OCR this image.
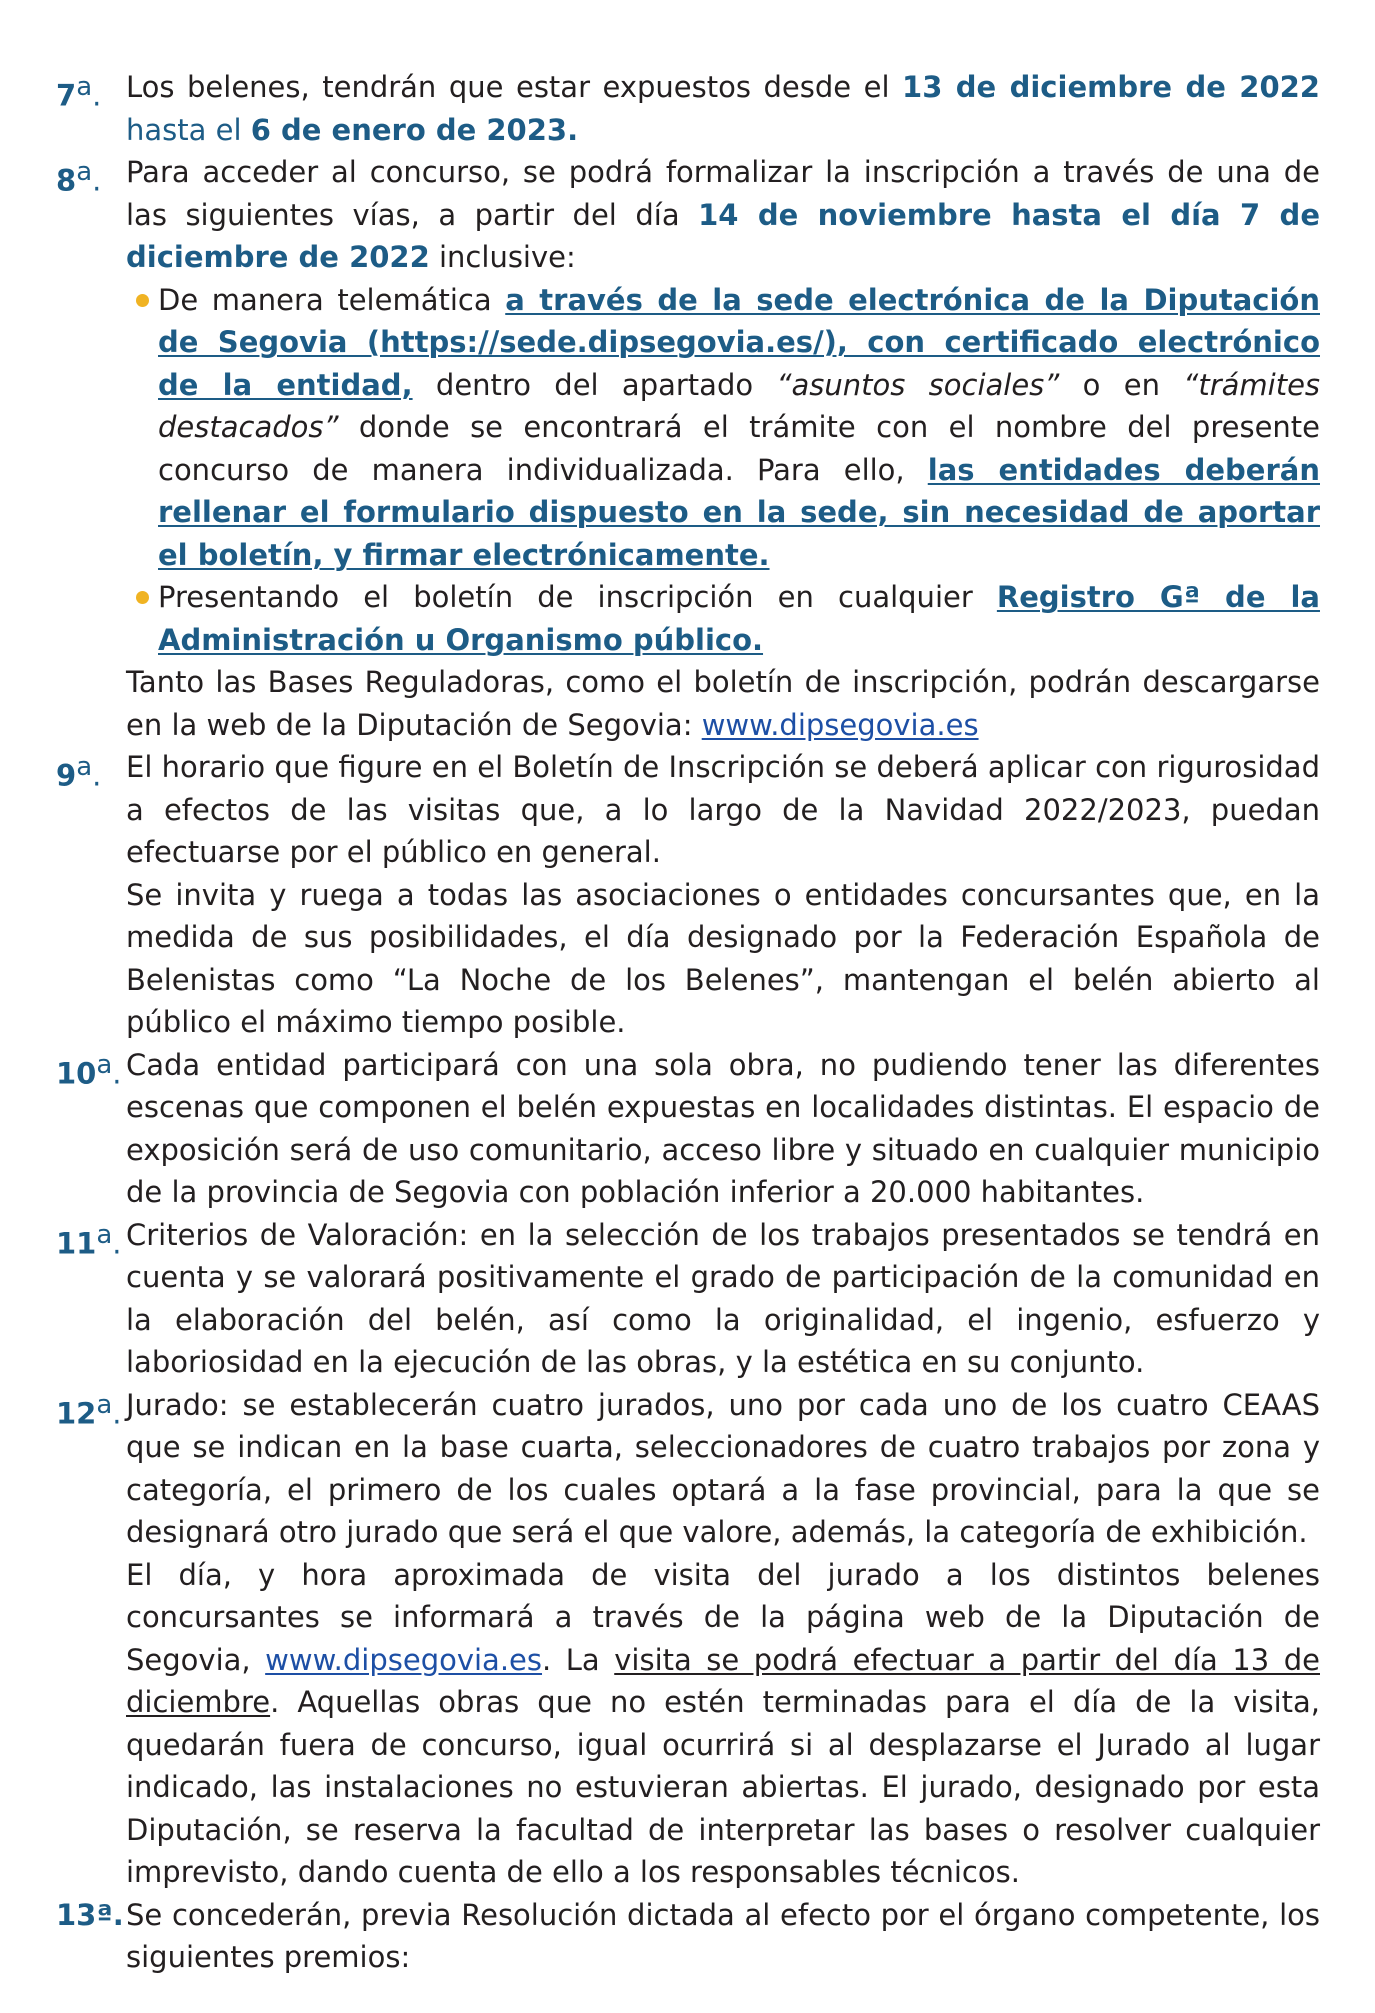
7$^a$. Los belenes, tendrán que estar expuestos desde el 13 de diciembre de 2022 hasta el 6 de enero de 2023.

8$^a$. Para acceder al concurso, se podrá formalizar la inscripción a través de una de las siguientes vías, a partir del día 14 de noviembre hasta el día 7 de diciembre de 2022 inclusive:

De manera telemática a través de la sede electrónica de la Diputación de Segovia (https://sede.dipsegovia.es/), con certificado electrónico de la entidad, dentro del apartado “asuntos sociales” o en “trámites destacados” donde se encontrará el trámite con el nombre del presente concurso de manera individualizada. Para ello, las entidades deberán rellenar el formulario dispuesto en la sede, sin necesidad de aportar el boletín, y firmar electrónicamente.
Presentando el boletín de inscripción en cualquier Registro Gª de la Administración u Organismo público.

Tanto las Bases Reguladoras, como el boletín de inscripción, podrán descargarse en la web de la Diputación de Segovia: www.dipsegovia.es

9$^a$. El horario que figure en el Boletín de Inscripción se deberá aplicar con rigurosidad a efectos de las visitas que, a lo largo de la Navidad 2022/2023, puedan efectuarse por el público en general.

Se invita y ruega a todas las asociaciones o entidades concursantes que, en la medida de sus posibilidades, el día designado por la Federación Española de Belenistas como “La Noche de los Belenes”, mantengan el belén abierto al público el máximo tiempo posible.

10$^a$. Cada entidad participará con una sola obra, no pudiendo tener las diferentes escenas que componen el belén expuestas en localidades distintas. El espacio de exposición será de uso comunitario, acceso libre y situado en cualquier municipio de la provincia de Segovia con población inferior a 20.000 habitantes.

11$^a$. Criterios de Valoración: en la selección de los trabajos presentados se tendrá en cuenta y se valorará positivamente el grado de participación de la comunidad en la elaboración del belén, así como la originalidad, el ingenio, esfuerzo y laboriosidad en la ejecución de las obras, y la estética en su conjunto.

12$^a$. Jurado: se establecerán cuatro jurados, uno por cada uno de los cuatro CEAAS que se indican en la base cuarta, seleccionadores de cuatro trabajos por zona y categoría, el primero de los cuales optará a la fase provincial, para la que se designará otro jurado que será el que valore, además, la categoría de exhibición.

El día, y hora aproximada de visita del jurado a los distintos belenes concursantes se informará a través de la página web de la Diputación de Segovia, www.dipsegovia.es. La visita se podrá efectuar a partir del día 13 de diciembre. Aquellas obras que no estén terminadas para el día de la visita, quedarán fuera de concurso, igual ocurrirá si al desplazarse el Jurado al lugar indicado, las instalaciones no estuvieran abiertas. El jurado, designado por esta Diputación, se reserva la facultad de interpretar las bases o resolver cualquier imprevisto, dando cuenta de ello a los responsables técnicos.

13ª. Se concederán, previa Resolución dictada al efecto por el órgano competente, los siguientes premios:
